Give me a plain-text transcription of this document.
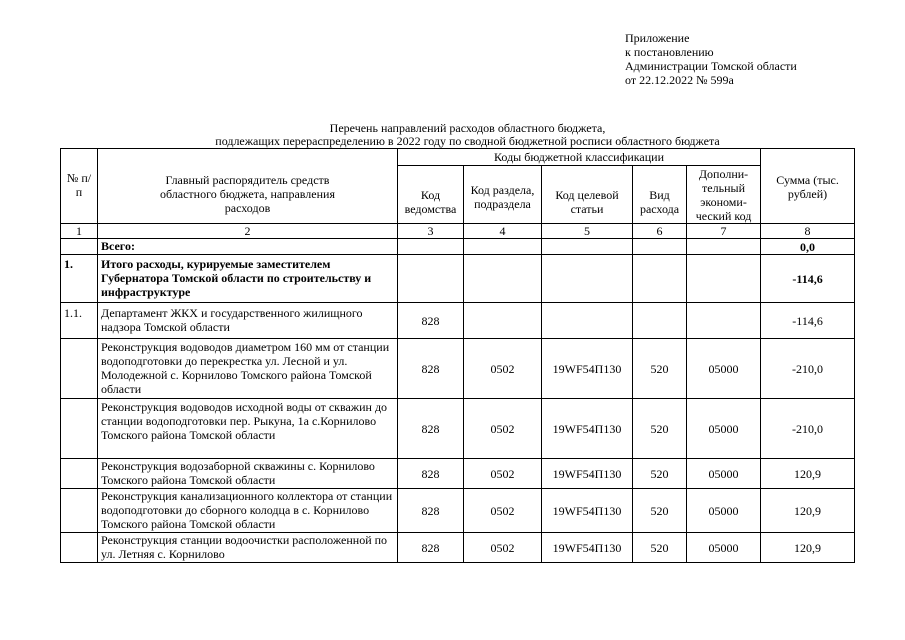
Приложение
к постановлению
Администрации Томской области
от 22.12.2022 № 599а
Перечень направлений расходов областного бюджета,
подлежащих перераспределению в 2022 году по сводной бюджетной росписи областного бюджета
№ п/п	Главный распорядитель средств областного бюджета, направления расходов	Коды бюджетной классификации					Сумма (тыс. рублей)
		Код ведомства	Код раздела, подраздела	Код целевой статьи	Вид расхода	Дополни-тельный экономи-ческий код	
1	2	3	4	5	6	7	8
	Всего:						0,0
1.	Итого расходы, курируемые заместителем Губернатора Томской области по строительству и инфраструктуре						-114,6
1.1.	Департамент ЖКХ и государственного жилищного надзора Томской области	828					-114,6
	Реконструкция водоводов диаметром 160 мм от станции водоподготовки до перекрестка ул. Лесной и ул. Молодежной с. Корнилово Томского района Томской области	828	0502	19WF54П130	520	05000	-210,0
	Реконструкция водоводов исходной воды от скважин до станции водоподготовки пер. Рыкуна, 1а с.Корнилово Томского района Томской области	828	0502	19WF54П130	520	05000	-210,0
	Реконструкция водозаборной скважины с. Корнилово Томского района Томской области	828	0502	19WF54П130	520	05000	120,9
	Реконструкция канализационного коллектора от станции водоподготовки до сборного колодца в с. Корнилово Томского района Томской области	828	0502	19WF54П130	520	05000	120,9
	Реконструкция станции водоочистки расположенной по ул. Летняя с. Корнилово	828	0502	19WF54П130	520	05000	120,9
